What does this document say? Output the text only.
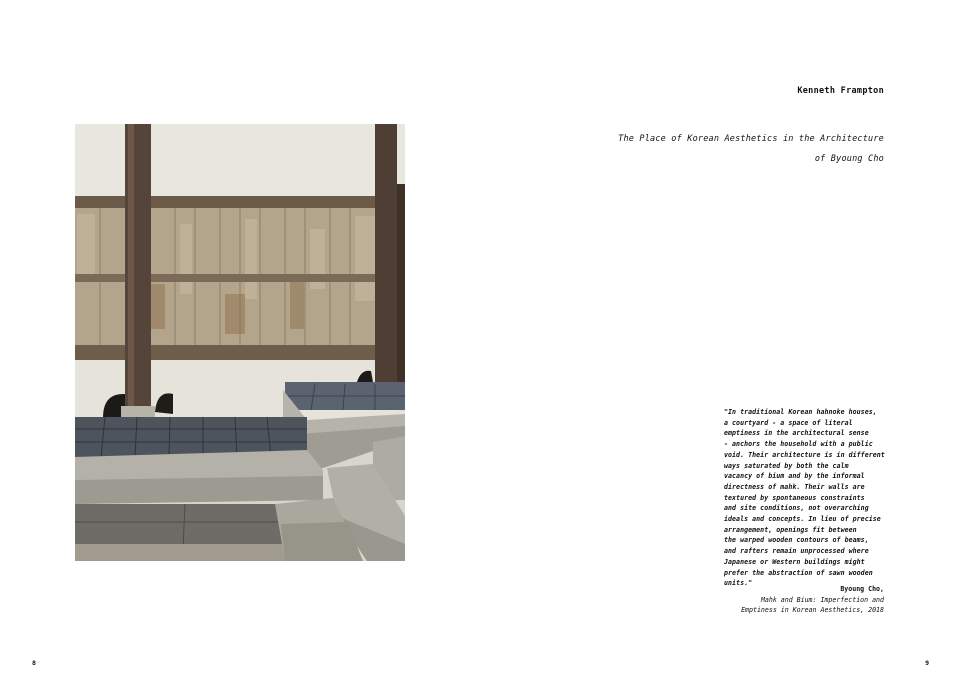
8
Kenneth Frampton
The Place of Korean Aesthetics in the Architecture
of Byoung Cho
"In traditional Korean hahnoke houses,
a courtyard - a space of literal
emptiness in the architectural sense
- anchors the household with a public
void. Their architecture is in different
ways saturated by both the calm
vacancy of bium and by the informal
directness of mahk. Their walls are
textured by spontaneous constraints
and site conditions, not overarching
ideals and concepts. In lieu of precise
arrangement, openings fit between
the warped wooden contours of beams,
and rafters remain unprocessed where
Japanese or Western buildings might
prefer the abstraction of sawn wooden
units."
Byoung Cho,
Mahk and Bium: Imperfection and
Emptiness in Korean Aesthetics, 2018
9
